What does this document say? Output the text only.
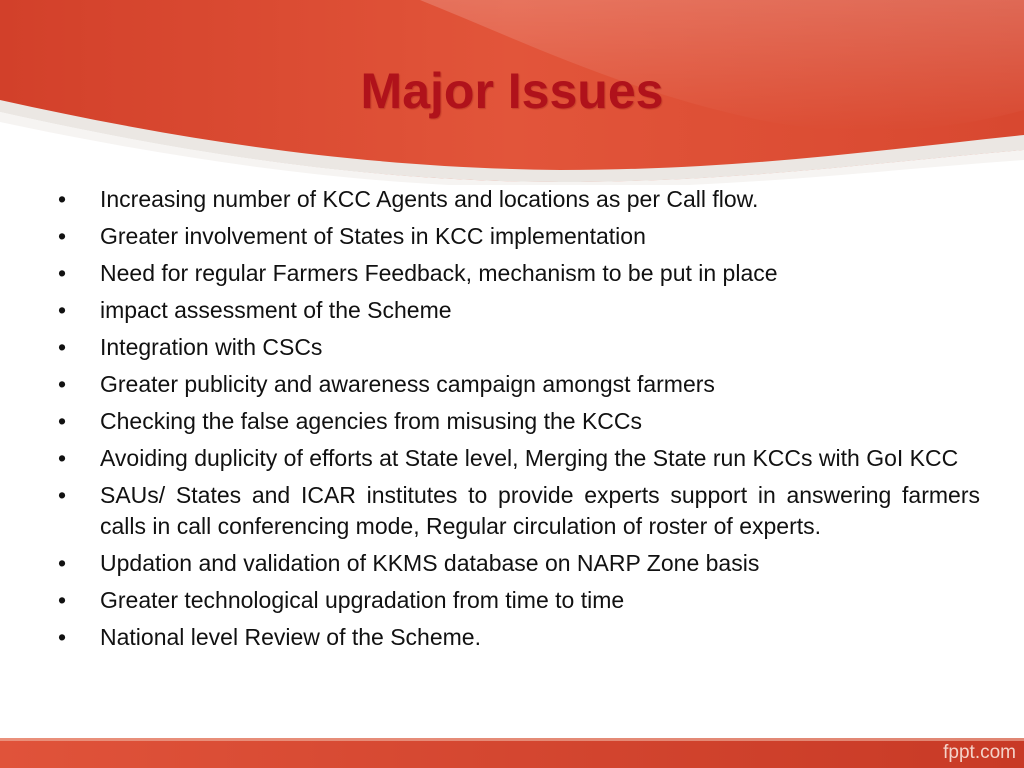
Major Issues
•	Increasing number of KCC Agents and locations as per Call flow.
•	Greater involvement of States in KCC implementation
•	Need for regular Farmers Feedback, mechanism to be put in place
•	impact assessment of the Scheme
•	Integration with CSCs
•	Greater publicity and awareness campaign amongst farmers
•	Checking the false agencies from misusing the KCCs
•	Avoiding duplicity of efforts at State level, Merging the State run KCCs with GoI KCC
•	SAUs/ States and ICAR institutes to provide experts support in answering farmers calls in call conferencing mode, Regular circulation of roster of experts.
•	Updation and validation of KKMS database on NARP Zone basis
•	Greater technological upgradation from time to time
•	National level Review of the Scheme.
fppt.com
